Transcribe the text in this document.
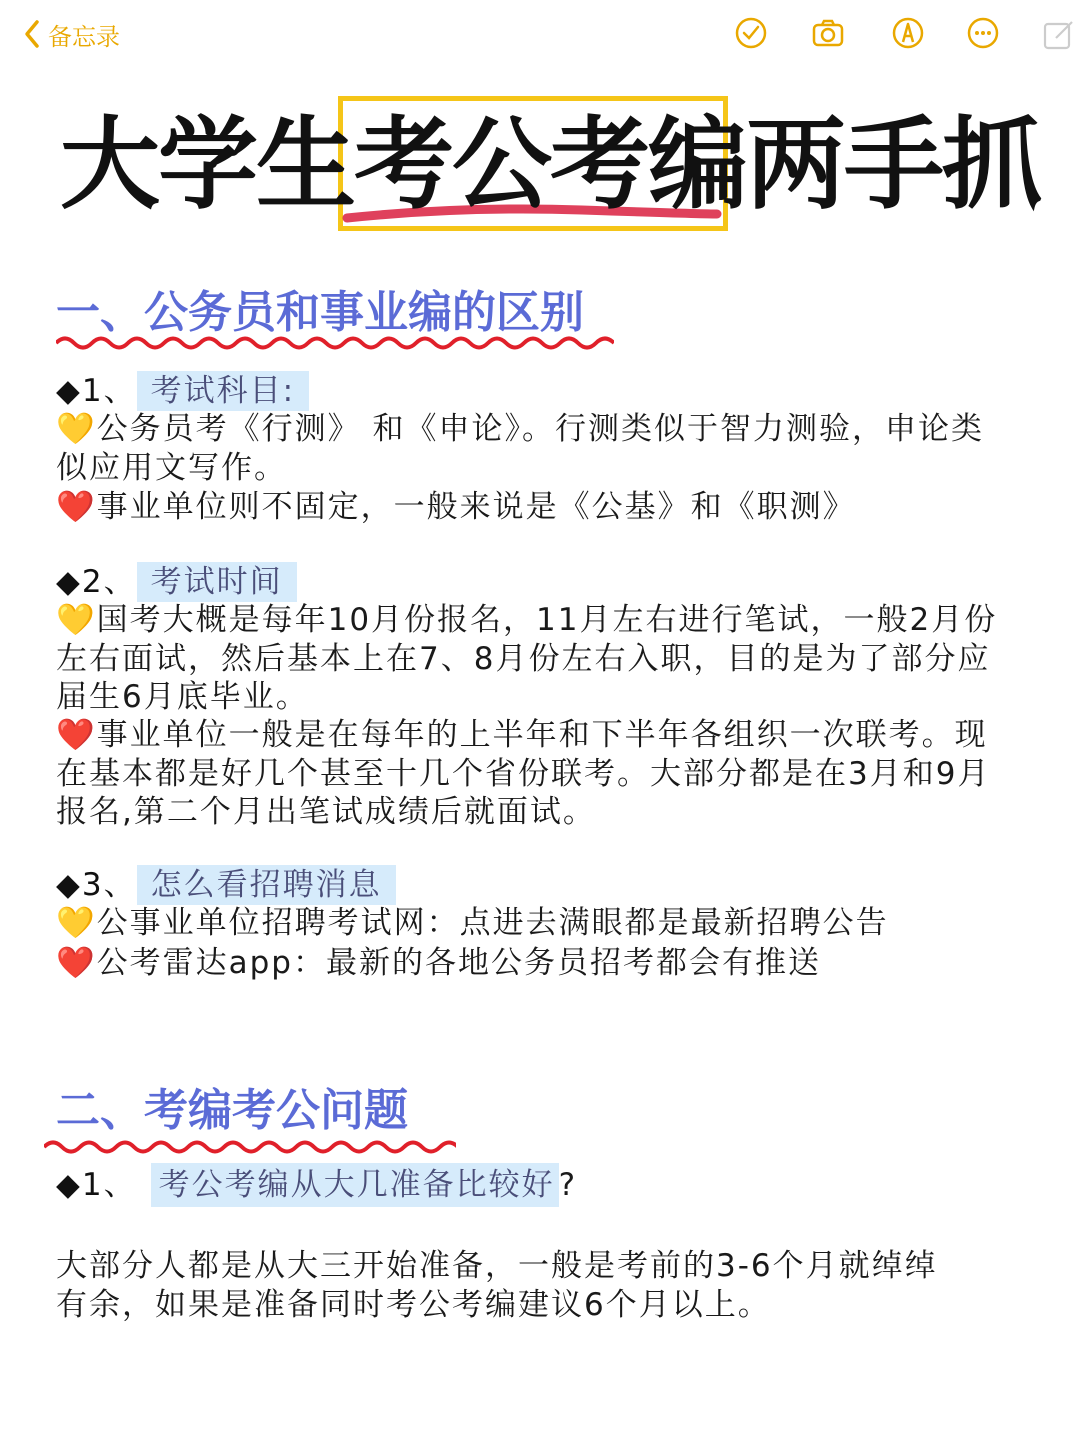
备忘录
大学生考公考编两手抓
一、公务员和事业编的区别
◆1、 考试科目:
💛公务员考《行测》 和《申论》。行测类似于智力测验，申论类
似应用文写作。
❤️事业单位则不固定，一般来说是《公基》和《职测》
◆2、 考试时间
💛国考大概是每年10月份报名，11月左右进行笔试，一般2月份
左右面试，然后基本上在7、8月份左右入职，目的是为了部分应
届生6月底毕业。
❤️事业单位一般是在每年的上半年和下半年各组织一次联考。现
在基本都是好几个甚至十几个省份联考。大部分都是在3月和9月
报名,第二个月出笔试成绩后就面试。
◆3、 怎么看招聘消息
💛公事业单位招聘考试网：点进去满眼都是最新招聘公告
❤️公考雷达app：最新的各地公务员招考都会有推送
二、考编考公问题
◆1、 考公考编从大几准备比较好 ?
大部分人都是从大三开始准备，一般是考前的3-6个月就绰绰
有余，如果是准备同时考公考编建议6个月以上。
